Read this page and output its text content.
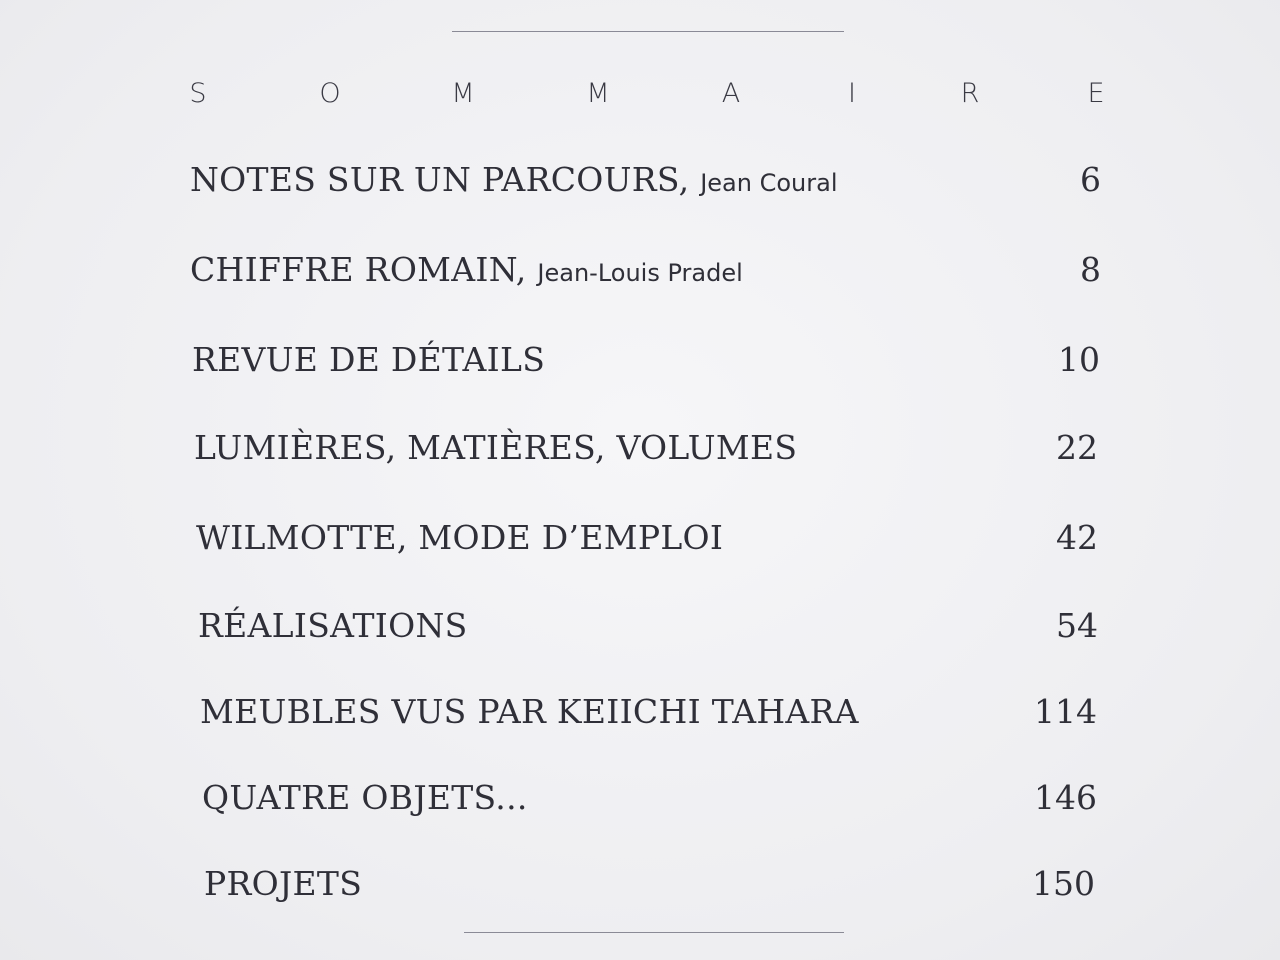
S	O	M	M	A	I	R	E
NOTES SUR UN PARCOURS, Jean Coural	6
CHIFFRE ROMAIN, Jean-Louis Pradel	8
REVUE DE DÉTAILS	10
LUMIÈRES, MATIÈRES, VOLUMES	22
WILMOTTE, MODE D’EMPLOI	42
RÉALISATIONS	54
MEUBLES VUS PAR KEIICHI TAHARA	114
QUATRE OBJETS...	146
PROJETS	150
